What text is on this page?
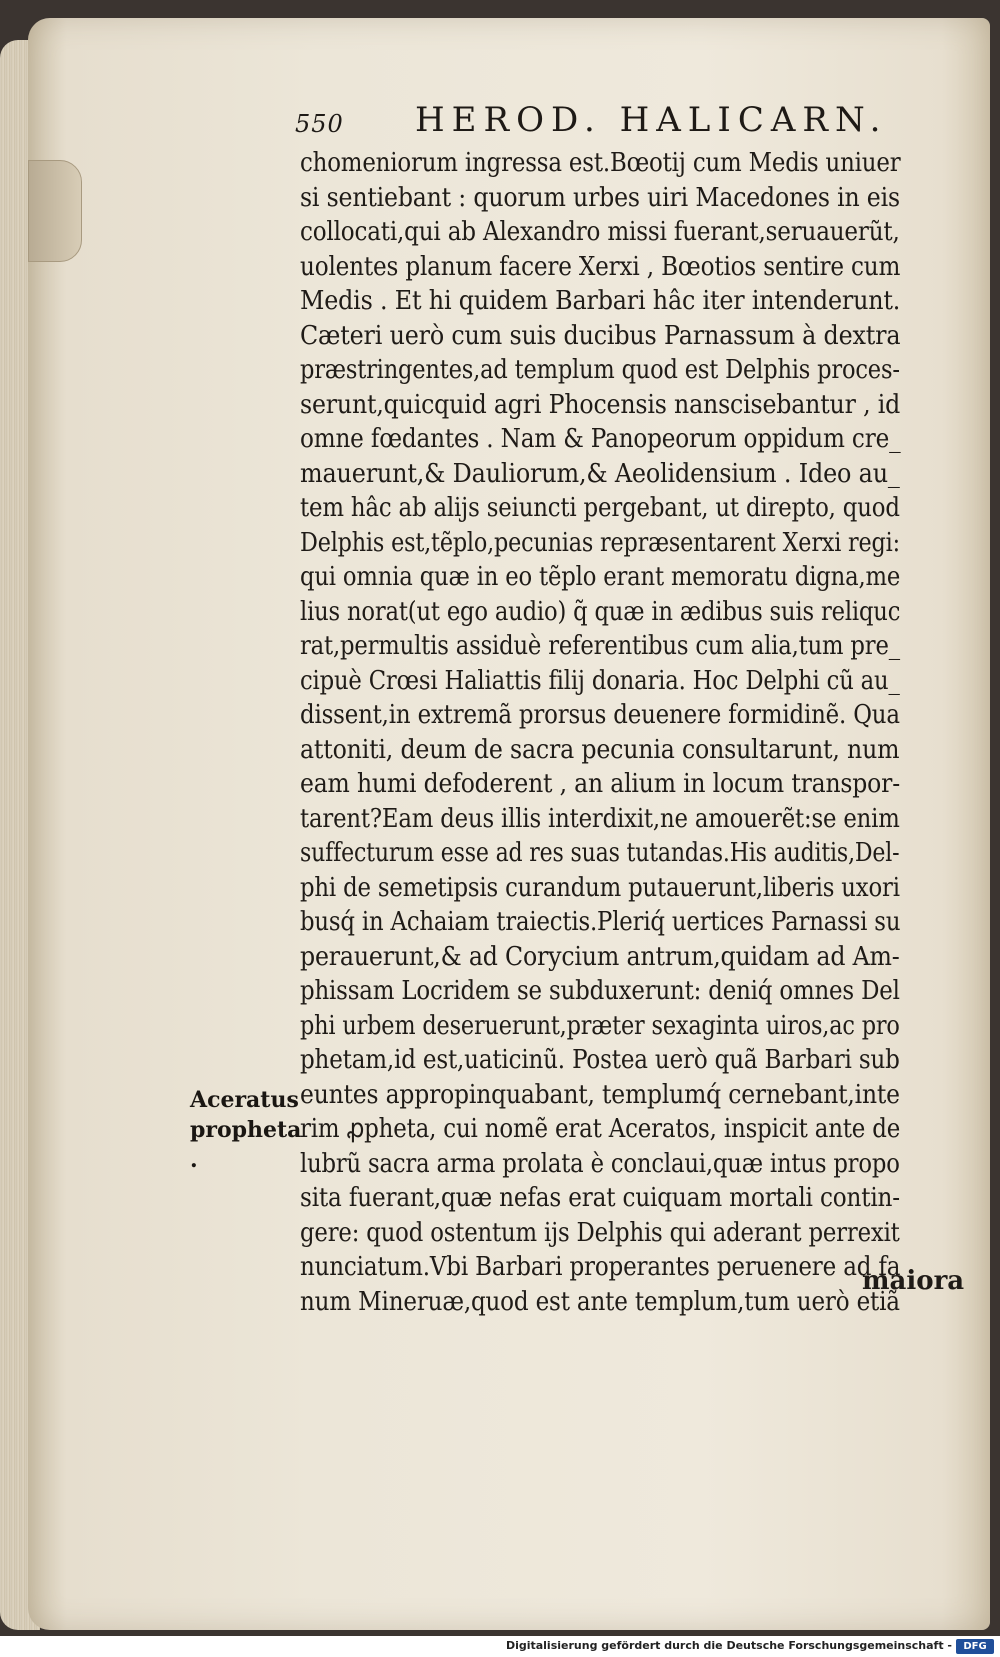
550 HEROD. HALICARN.
chomeniorum ingressa est.Bœotij cum Medis uniuer
si sentiebant : quorum urbes uiri Macedones in eis
collocati,qui ab Alexandro missi fuerant,seruauerũt,
uolentes planum facere Xerxi , Bœotios sentire cum
Medis . Et hi quidem Barbari hâc iter intenderunt.
Cæteri uerò cum suis ducibus Parnassum à dextra
præstringentes,ad templum quod est Delphis proces-
serunt,quicquid agri Phocensis nanscisebantur , id
omne fœdantes . Nam & Panopeorum oppidum cre_
mauerunt,& Dauliorum,& Aeolidensium . Ideo au_
tem hâc ab alijs seiuncti pergebant, ut direpto, quod
Delphis est,tẽplo,pecunias repræsentarent Xerxi regi:
qui omnia quæ in eo tẽplo erant memoratu digna,me
lius norat(ut ego audio) q̃ quæ in ædibus suis reliquc
rat,permultis assiduè referentibus cum alia,tum pre_
cipuè Crœsi Haliattis filij donaria. Hoc Delphi cũ au_
dissent,in extremã prorsus deuenere formidinẽ. Qua
attoniti, deum de sacra pecunia consultarunt, num
eam humi defoderent , an alium in locum transpor-
tarent?Eam deus illis interdixit,ne amouerẽt:se enim
suffecturum esse ad res suas tutandas.His auditis,Del-
phi de semetipsis curandum putauerunt,liberis uxori
busq́ in Achaiam traiectis.Pleriq́ uertices Parnassi su
perauerunt,& ad Corycium antrum,quidam ad Am-
phissam Locridem se subduxerunt: deniq́ omnes Del
phi urbem deseruerunt,præter sexaginta uiros,ac pro
phetam,id est,uaticinũ. Postea uerò quã Barbari sub
euntes appropinquabant, templumq́ cernebant,inte
rim ꝓpheta, cui nomẽ erat Aceratos, inspicit ante de
lubrũ sacra arma prolata è conclaui,quæ intus propo
sita fuerant,quæ nefas erat cuiquam mortali contin-
gere: quod ostentum ijs Delphis qui aderant perrexit
nunciatum.Vbi Barbari properantes peruenere ad fa
num Mineruæ,quod est ante templum,tum uerò etiã
Aceratus
propheta .
maiora
Digitalisierung gefördert durch die Deutsche Forschungsgemeinschaft -	DFG
